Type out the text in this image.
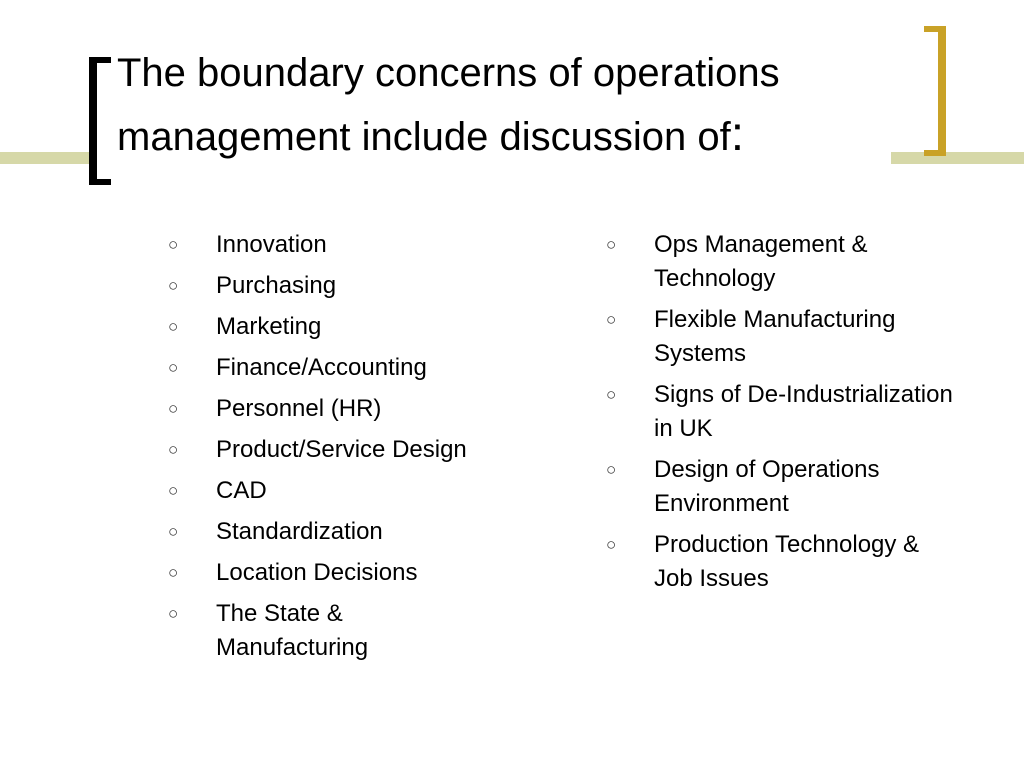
The boundary concerns of operations management include discussion of:
○ Innovation
○ Purchasing
○ Marketing
○ Finance/Accounting
○ Personnel (HR)
○ Product/Service Design
○ CAD
○ Standardization
○ Location Decisions
○ The State & Manufacturing
○ Ops Management & Technology
○ Flexible Manufacturing Systems
○ Signs of De-Industrialization in UK
○ Design of Operations Environment
○ Production Technology & Job Issues
